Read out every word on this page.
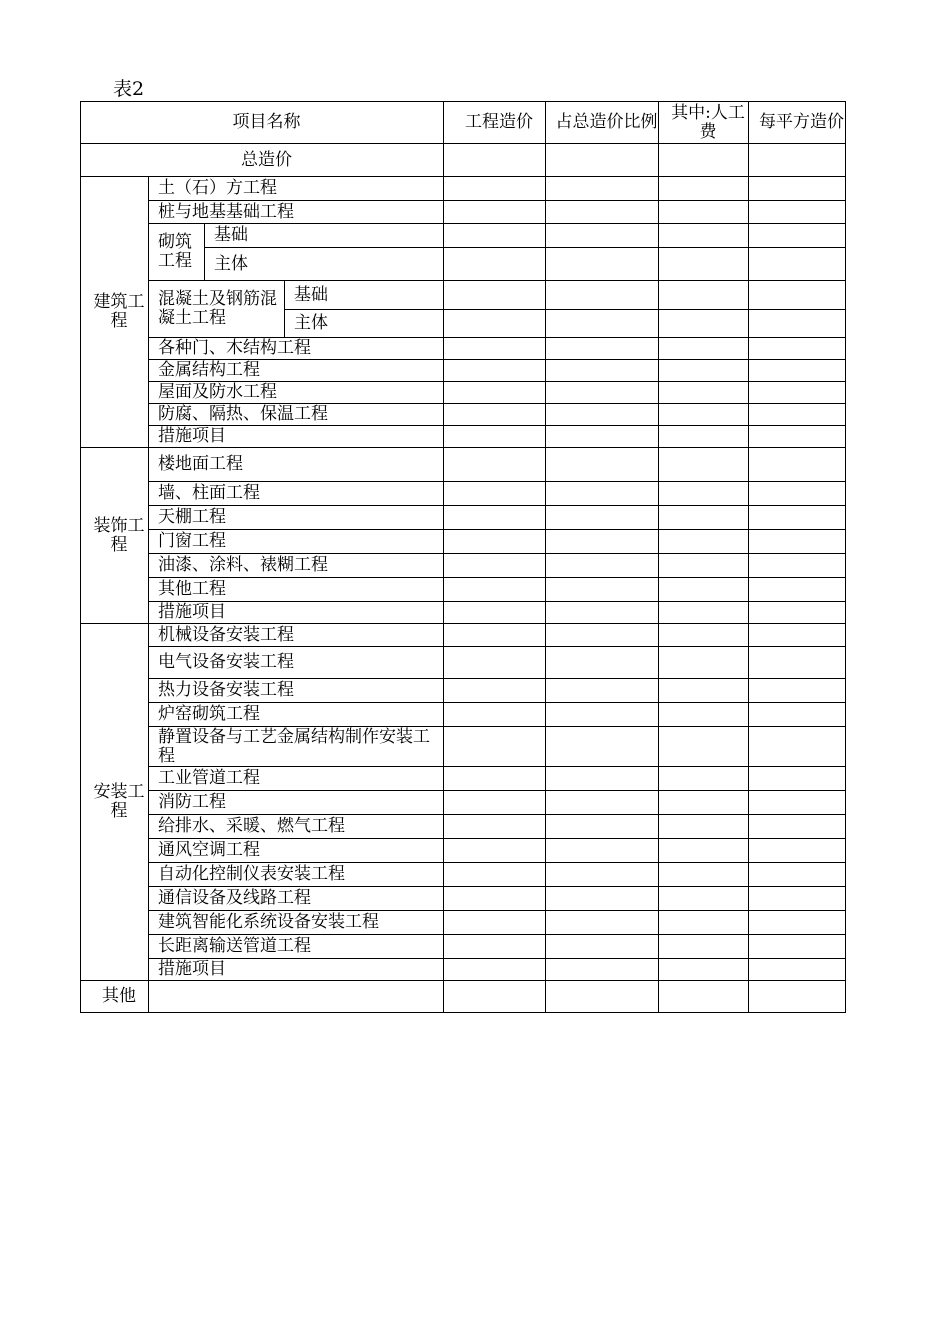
表2
项目名称				工程造价	占总造价比例	其中:人工费	每平方造价
总造价							
建筑工程	土（石）方工程						
	桩与地基基础工程						
	砌筑工程	基础					
		主体					
	混凝土及钢筋混凝土工程		基础				
			主体				
	各种门、木结构工程						
	金属结构工程						
	屋面及防水工程						
	防腐、隔热、保温工程						
	措施项目						
装饰工程	楼地面工程						
	墙、柱面工程						
	天棚工程						
	门窗工程						
	油漆、涂料、裱糊工程						
	其他工程						
	措施项目						
安装工程	机械设备安装工程						
	电气设备安装工程						
	热力设备安装工程						
	炉窑砌筑工程						
	静置设备与工艺金属结构制作安装工程						
	工业管道工程						
	消防工程						
	给排水、采暖、燃气工程						
	通风空调工程						
	自动化控制仪表安装工程						
	通信设备及线路工程						
	建筑智能化系统设备安装工程						
	长距离输送管道工程						
	措施项目						
其他							
